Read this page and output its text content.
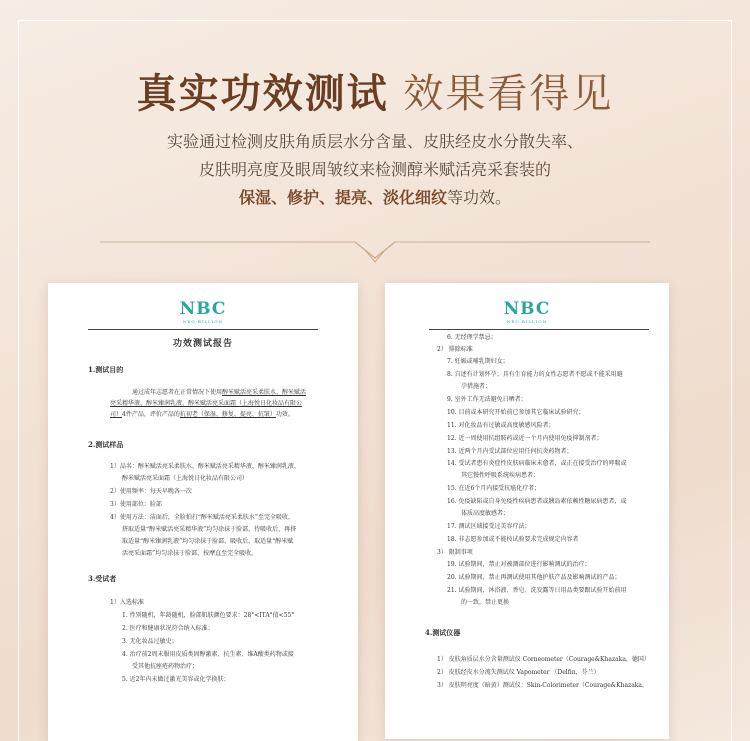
真实功效测试 效果看得见
实验通过检测皮肤角质层水分含量、皮肤经皮水分散失率、
皮肤明亮度及眼周皱纹来检测醇米赋活亮采套装的
保湿、修护、提亮、淡化细纹等功效。
NBC
NEO·BILLION
功效测试报告
1.测试目的
通过成年志愿者在正常情况下使用醇米赋活亮采柔肤水、醇米赋活
亮采精华液、醇米臻润乳液、醇米赋活亮采面霜（上海悦日化妆品有限公
司）4件产品，评价产品的抗初老（保湿、修复、提亮、抗皱）功效。
2.测试样品
1）品名：醇米赋活亮采柔肤水、醇米赋活亮采精华液、醇米臻润乳液、
醇米赋活亮采面霜（上海悦日化妆品有限公司）
2）使用频率：每天早晚各一次
3）使用部位：脸部
4）使用方法：洁面后，全脸拍打“醇米赋活亮采柔肤水”至完全吸收，
挤取适量“醇米赋活亮采精华液”均匀涂抹于脸部，待吸收后，再挤
取适量“醇米臻润乳液”均匀涂抹于脸部，吸收后，取适量“醇米赋
活亮采面霜”均匀涂抹于脸部，按摩直至完全吸收。
3.受试者
1）入选标准
1. 性别随机，年龄随机，脸部肌肤颜色要求：28°<ITA°值<55°
2. 医疗和健康状况符合纳入标准；
3. 无化妆品过敏史；
4. 治疗前2周未服用皮质类固醇激素、抗生素、维A酸类药物或接
受其他抗痤疮药物治疗；
5. 近2年内未做过激光美容或化学换肤；
NBC
NEO·BILLION
6. 无经理学禁忌；
2） 排除标准
7. 妊娠或哺乳期妇女；
8. 自述有计划怀孕；具有生育能力的女性志愿者不愿或不能采用避
孕措施者；
9. 室外工作无法避免日晒者；
10. 目前或本研究开始前已参加其它临床试验研究；
11. 对化妆品有过敏或高度敏感风险者；
12. 近一周使用抗组胺药或近一个月内使用免疫抑制剂者；
13. 近两个月内受试部位应用任何抗炎药物者；
14. 受试者患有炎症性皮肤病临床未愈者，或正在接受治疗的哮喘或
其它慢性呼吸系统疾病患者；
15. 在近6个月内接受抗癌化疗者；
16. 免疫缺陷或自身免疫性疾病患者或胰岛素依赖性糖尿病患者，或
体质高度敏感者；
17. 测试区域接受过美容疗法；
18. 非志愿参加或不能按试验要求完成规定内容者
3） 限制事项
19. 试验期间，禁止对被测部位进行影响测试的治疗；
20. 试验期间，禁止再测试使用其他护肤产品及影响测试的产品；
21. 试验期间，沐浴液、香皂、洗发露等日用品类要跟试验开始前用
的一致，禁止更换
4.测试仪器
1） 皮肤角质层水分含量测试仪 Corneometer（Courage&Khazaka，德国）
2） 皮肤经皮水分流失测试仪 Vapometer （Delfin，芬兰）
3） 皮肤明亮度（暗黄）测试仪：Skin-Colorimeter（Courage&Khazaka，
